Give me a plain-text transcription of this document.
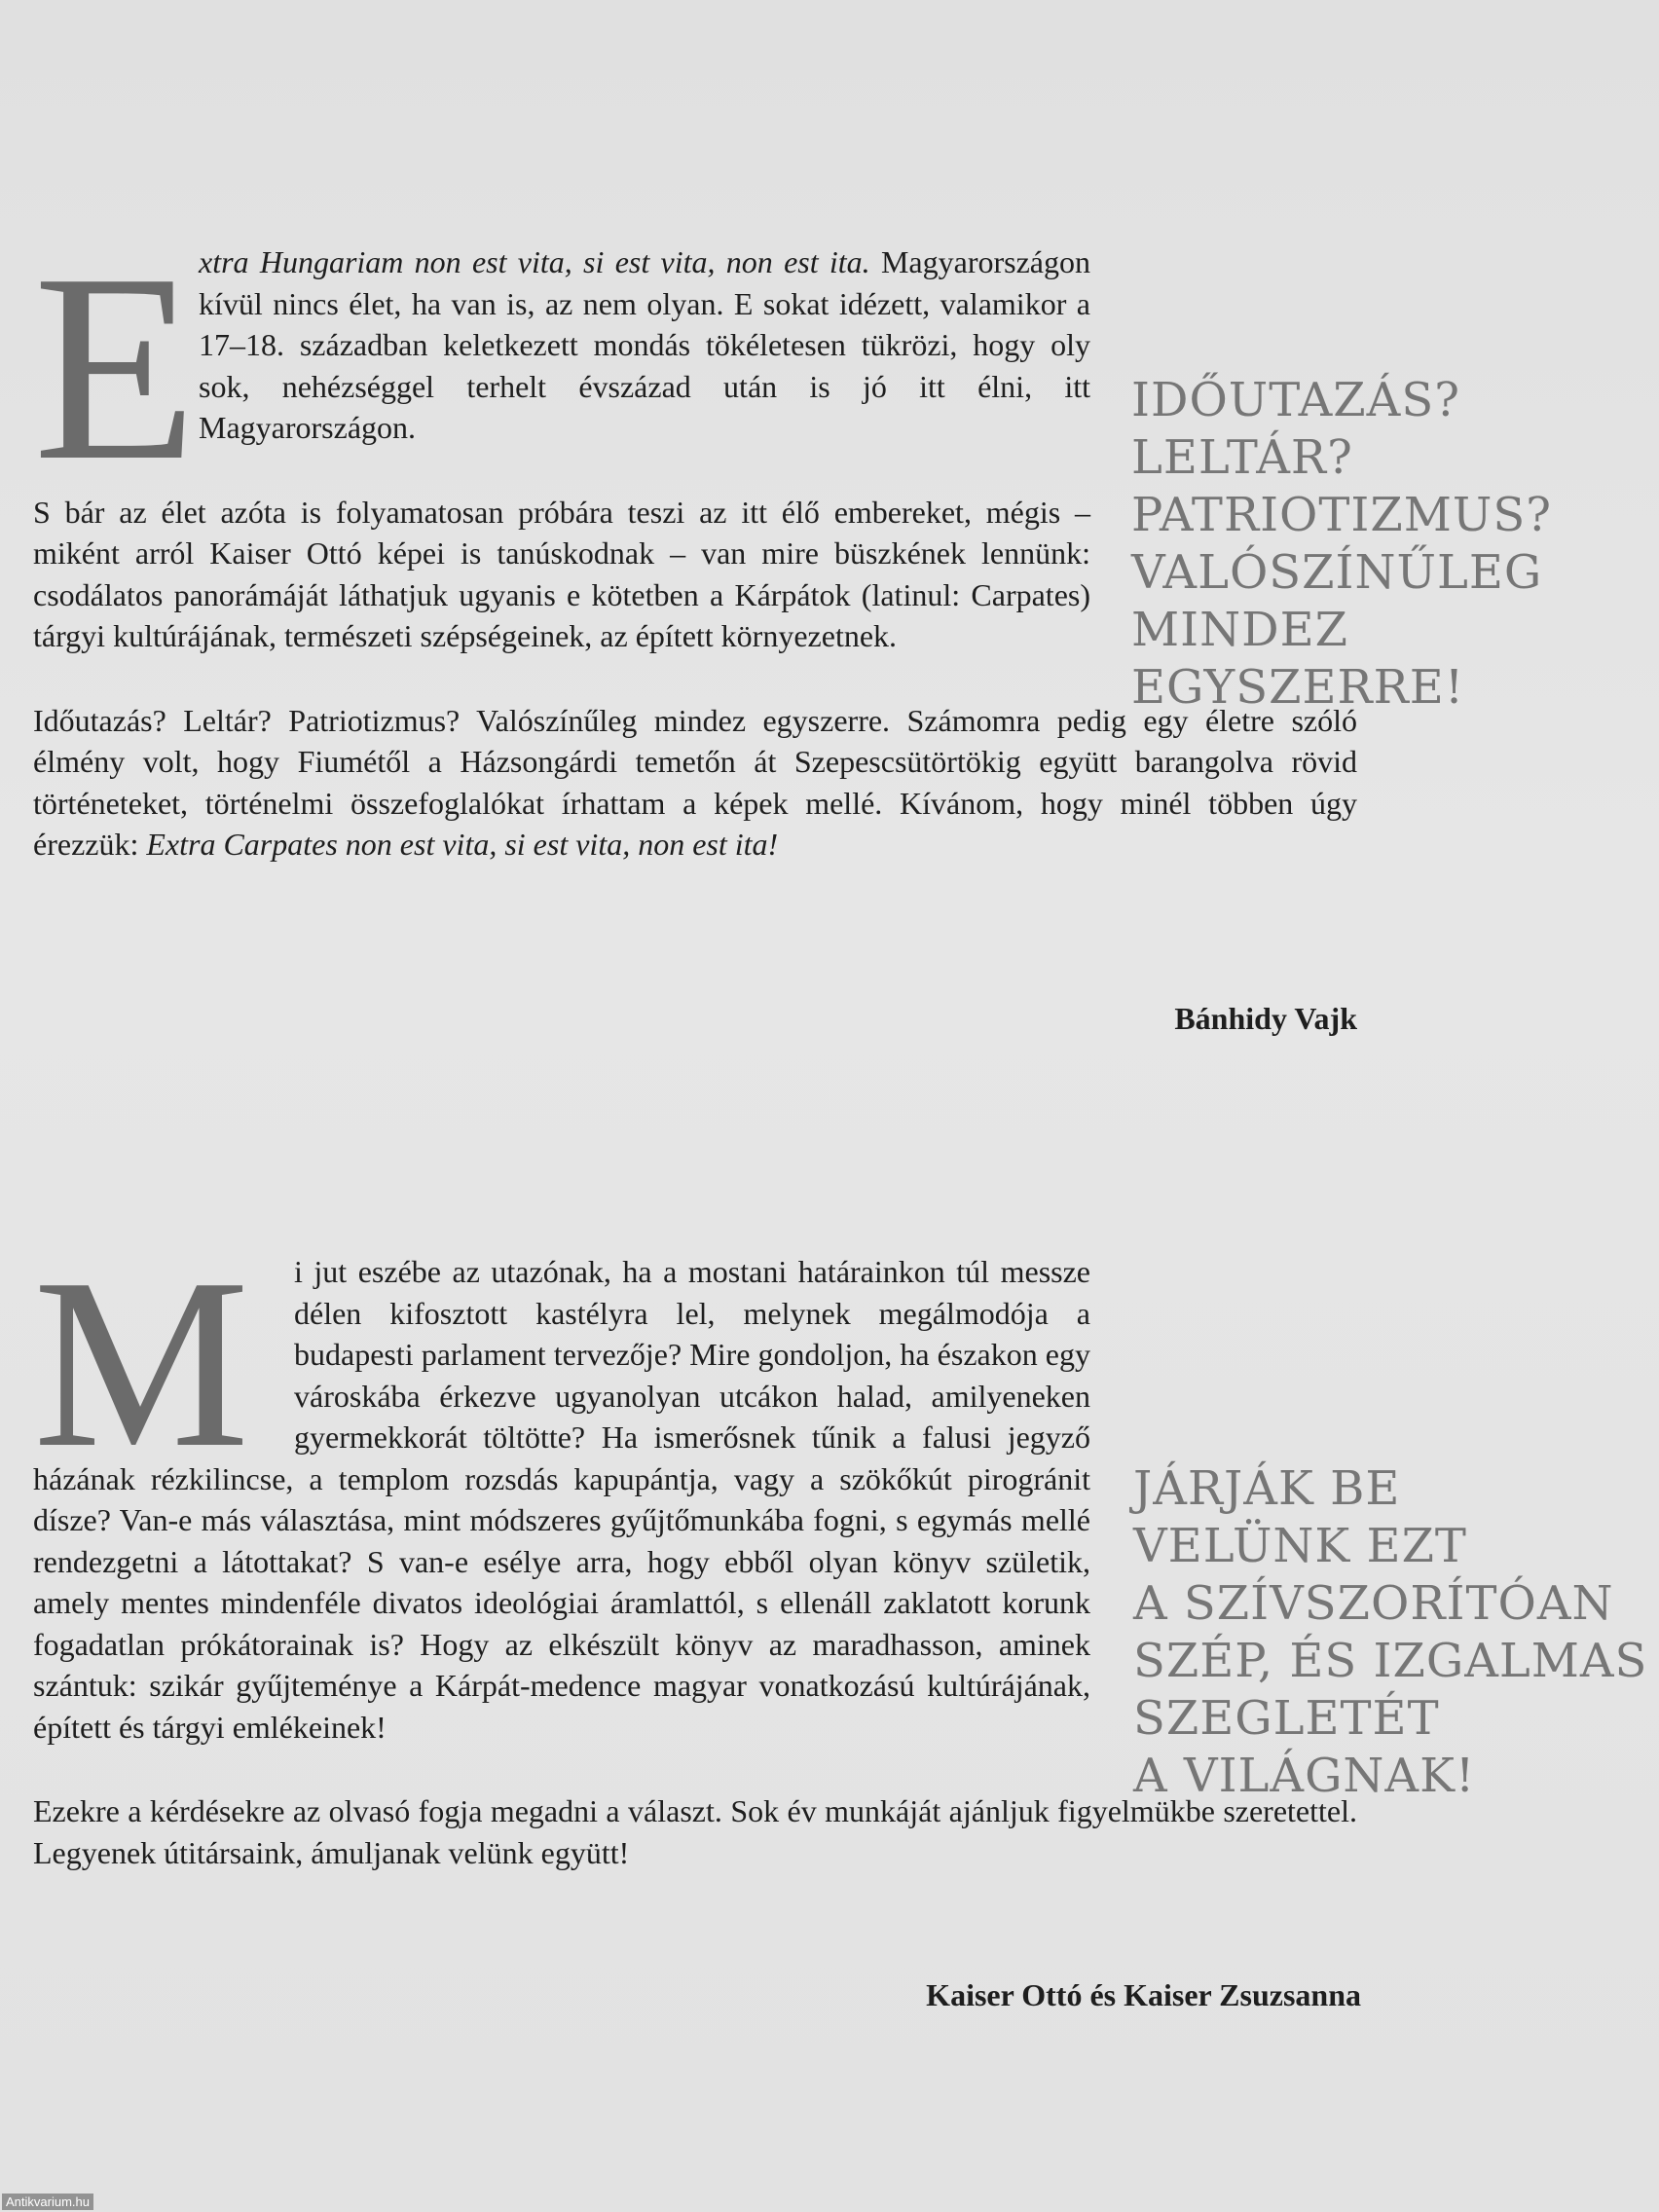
E xtra Hungariam non est vita, si est vita, non est ita. Magyarországon kívül nincs élet, ha van is, az nem olyan. E sokat idézett, valamikor a 17–18. században keletkezett mondás tökéletesen tükrözi, hogy oly sok, nehézséggel terhelt évszázad után is jó itt élni, itt Magyarországon.

S bár az élet azóta is folyamatosan próbára teszi az itt élő embereket, mégis – miként arról Kaiser Ottó képei is tanúskodnak – van mire büszkének lennünk: csodálatos panorámáját láthatjuk ugyanis e kötetben a Kárpátok (latinul: Carpates) tárgyi kultúrájának, természeti szépségeinek, az épített környezetnek.

Időutazás? Leltár? Patriotizmus? Valószínűleg mindez egyszerre. Számomra pedig egy életre szóló élmény volt, hogy Fiumétől a Házsongárdi temetőn át Szepescsütörtökig együtt barangolva rövid történeteket, történelmi összefoglalókat írhattam a képek mellé. Kívánom, hogy minél többen úgy érezzük: Extra Carpates non est vita, si est vita, non est ita!

IDŐUTAZÁS?
LELTÁR?
PATRIOTIZMUS?
VALÓSZÍNŰLEG
MINDEZ
EGYSZERRE!
Bánhidy Vajk
M	i jut eszébe az utazónak, ha a mostani határainkon túl messze délen kifosztott kastélyra lel, melynek megálmodója a budapesti parlament tervezője? Mire gondoljon, ha északon egy városkába érkezve ugyanolyan utcákon halad, amilyeneken gyermekkorát töltötte? Ha ismerősnek tűnik a falusi jegyző házának rézkilincse, a templom rozsdás kapupántja, vagy a szökőkút pirogránit dísze? Van-e más választása, mint módszeres gyűjtőmunkába fogni, s egymás mellé rendezgetni a látottakat? S van-e esélye arra, hogy ebből olyan könyv születik, amely mentes mindenféle divatos ideológiai áramlattól, s ellenáll zaklatott korunk fogadatlan prókátorainak is? Hogy az elkészült könyv az maradhasson, aminek szántuk: szikár gyűjteménye a Kárpát-medence magyar vonatkozású kultúrájának, épített és tárgyi emlékeinek!

Ezekre a kérdésekre az olvasó fogja megadni a választ. Sok év munkáját ajánljuk figyelmükbe szeretettel. Legyenek útitársaink, ámuljanak velünk együtt!

JÁRJÁK BE
VELÜNK EZT
A SZÍVSZORÍTÓAN
SZÉP, ÉS IZGALMAS
SZEGLETÉT
A VILÁGNAK!
Kaiser Ottó és Kaiser Zsuzsanna
Antikvarium.hu
